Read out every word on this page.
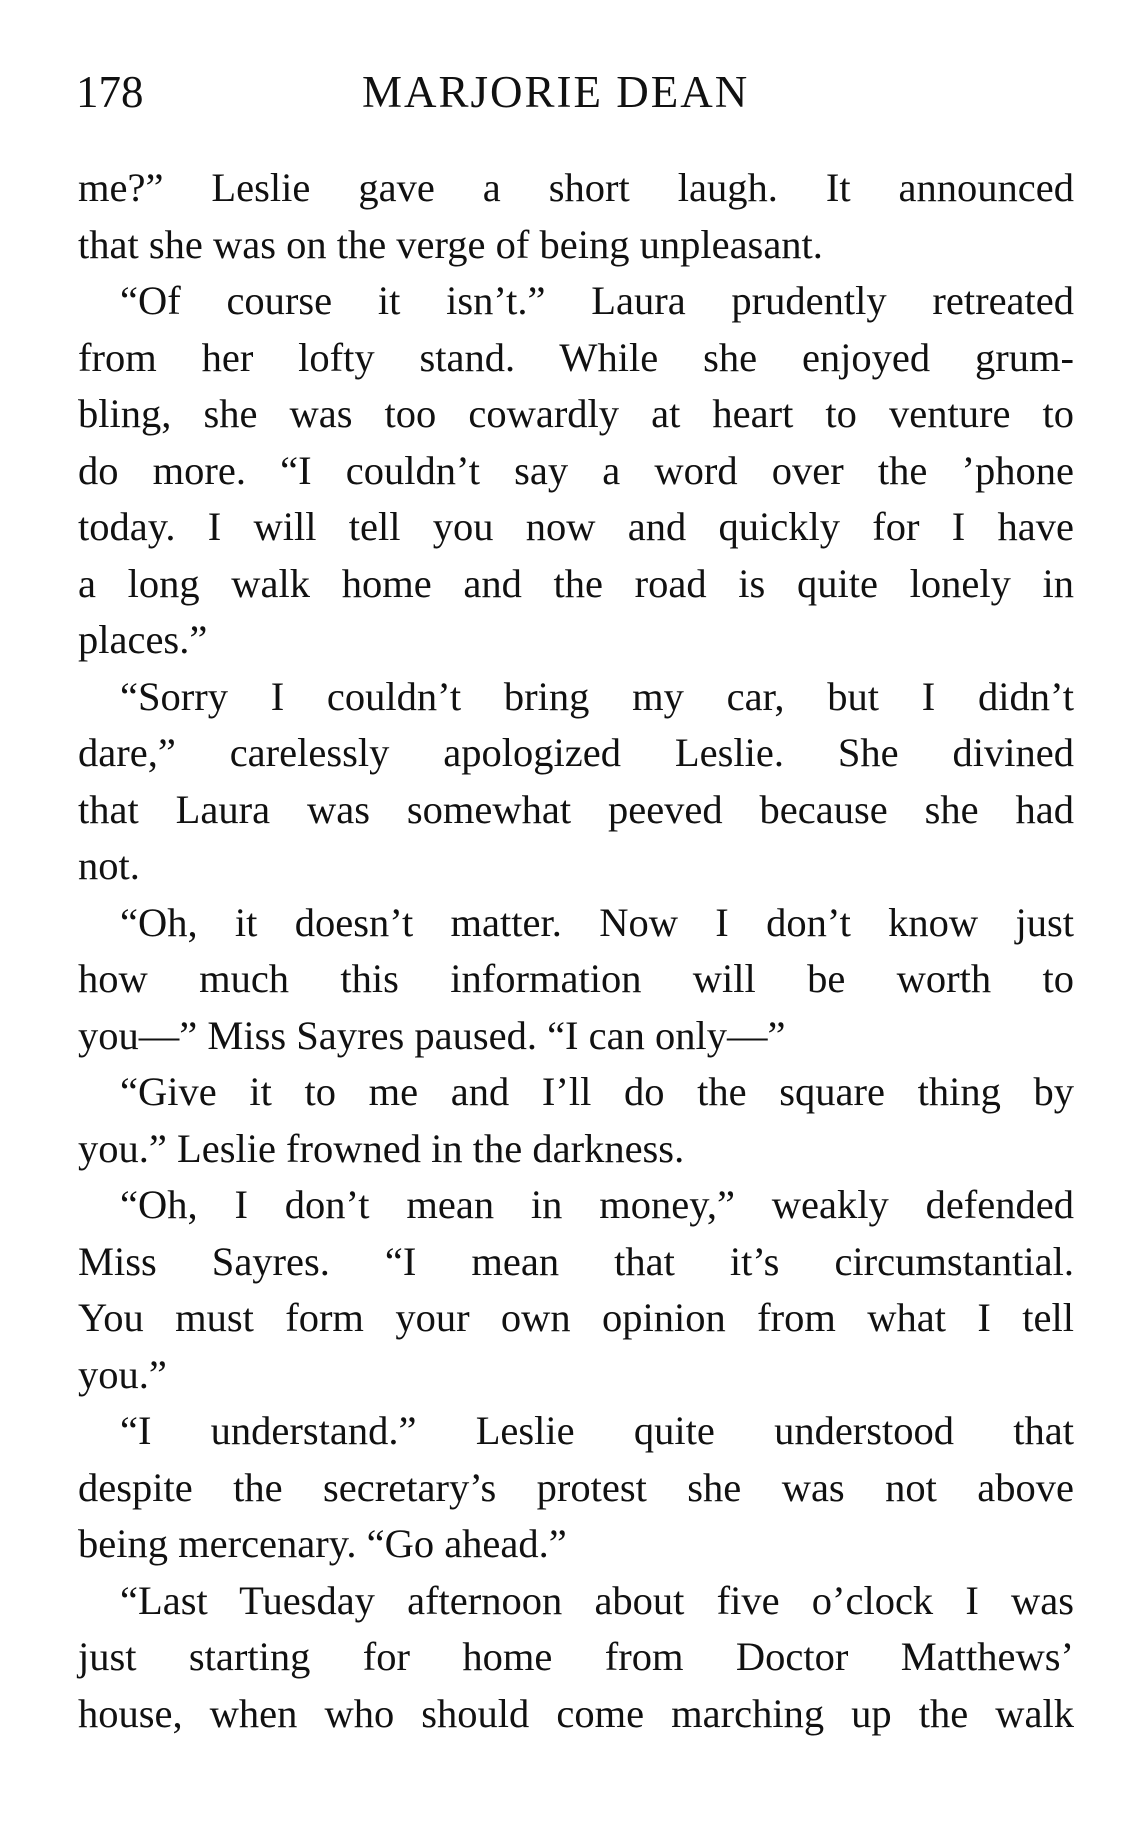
178	MARJORIE DEAN
me?” Leslie gave a short laugh. It announced
that she was on the verge of being unpleasant.
“Of course it isn’t.” Laura prudently retreated
from her lofty stand. While she enjoyed grum-
bling, she was too cowardly at heart to venture to
do more. “I couldn’t say a word over the ’phone
today. I will tell you now and quickly for I have
a long walk home and the road is quite lonely in
places.”
“Sorry I couldn’t bring my car, but I didn’t
dare,” carelessly apologized Leslie. She divined
that Laura was somewhat peeved because she had
not.
“Oh, it doesn’t matter. Now I don’t know just
how much this information will be worth to
you—” Miss Sayres paused. “I can only—”
“Give it to me and I’ll do the square thing by
you.” Leslie frowned in the darkness.
“Oh, I don’t mean in money,” weakly defended
Miss Sayres. “I mean that it’s circumstantial.
You must form your own opinion from what I tell
you.”
“I understand.” Leslie quite understood that
despite the secretary’s protest she was not above
being mercenary. “Go ahead.”
“Last Tuesday afternoon about five o’clock I was
just starting for home from Doctor Matthews’
house, when who should come marching up the walk
